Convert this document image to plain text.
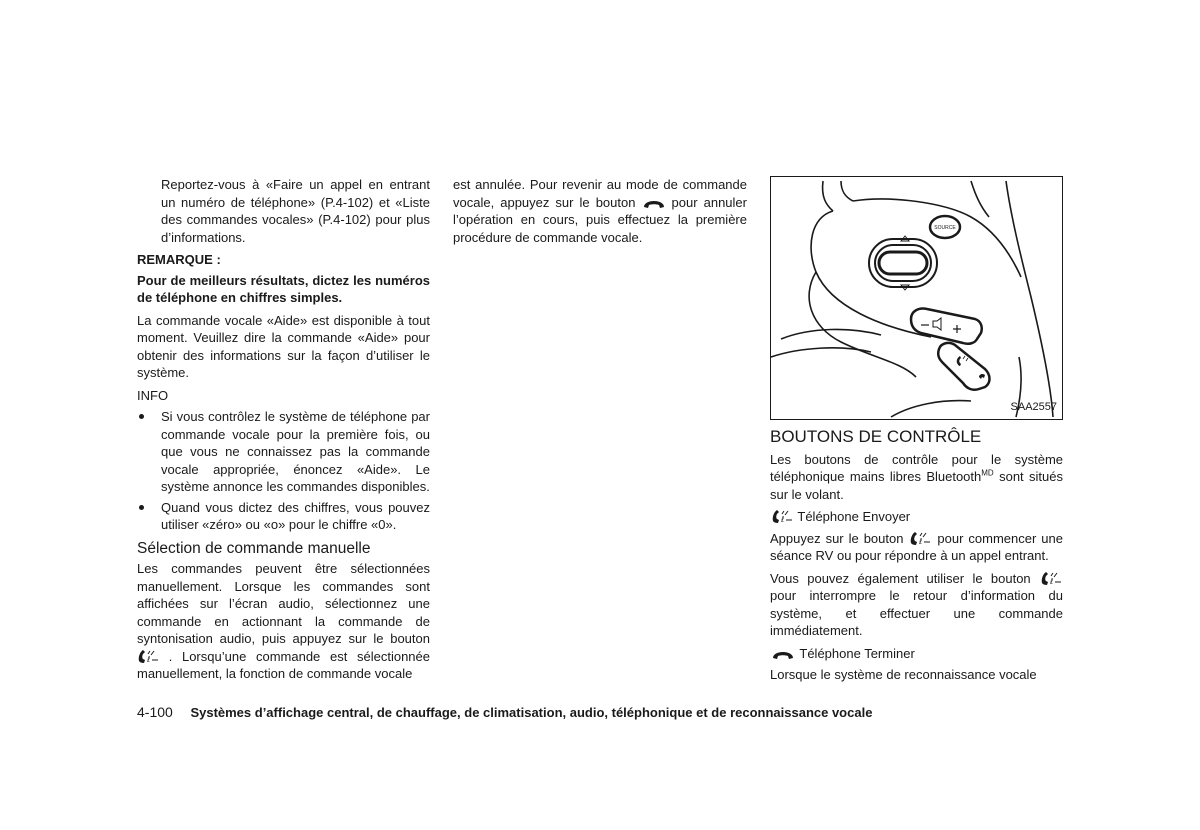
Reportez-vous à «Faire un appel en entrant un numéro de téléphone» (P.4-102) et «Liste des commandes vocales» (P.4-102) pour plus d’informations.

REMARQUE :

Pour de meilleurs résultats, dictez les numéros de téléphone en chiffres simples.

La commande vocale «Aide» est disponible à tout moment. Veuillez dire la commande «Aide» pour obtenir des informations sur la façon d’utiliser le système.

INFO

Si vous contrôlez le système de téléphone par commande vocale pour la première fois, ou que vous ne connaissez pas la commande vocale appropriée, énoncez «Aide». Le système annonce les commandes disponibles.
Quand vous dictez des chiffres, vous pouvez utiliser «zéro» ou «o» pour le chiffre «0».
Sélection de commande manuelle

Les commandes peuvent être sélectionnées manuellement. Lorsque les commandes sont affichées sur l’écran audio, sélectionnez une commande en actionnant la commande de syntonisation audio, puis appuyez sur le bouton
ℓ . Lorsqu’une commande est sélectionnée manuellement, la fonction de commande vocale

est annulée. Pour revenir au mode de commande vocale, appuyez sur le bouton	pour annuler l’opération en cours, puis effectuez la première procédure de commande vocale.

SOURCE
SAA2557
BOUTONS DE CONTRÔLE

Les boutons de contrôle pour le système téléphonique mains libres Bluetooth$^{MD}$ sont situés sur le volant.

ℓ Téléphone Envoyer

Appuyez sur le bouton ℓ pour commencer une séance RV ou pour répondre à un appel entrant.

Vous pouvez également utiliser le bouton ℓ
pour interrompre le retour d’information du système, et effectuer une commande immédiatement.

Téléphone Terminer

Lorsque le système de reconnaissance vocale

4-100 Systèmes d’affichage central, de chauffage, de climatisation, audio, téléphonique et de reconnaissance vocale
